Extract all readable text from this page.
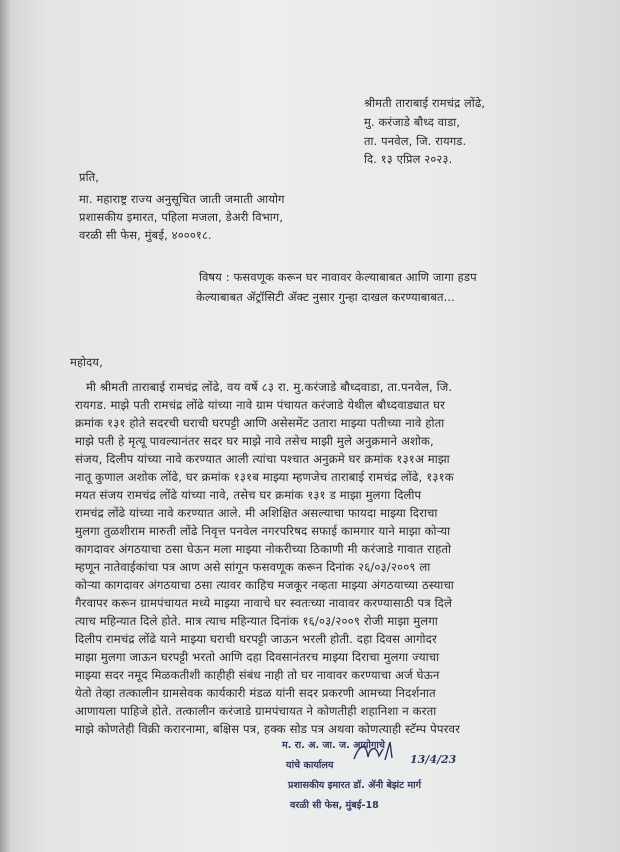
श्रीमती ताराबाई रामचंद्र लोंढे,
मु. करंजाडे बौध्द वाडा,
ता. पनवेल, जि. रायगड.
दि. १३ एप्रिल २०२३.
प्रति,
मा. महाराष्ट्र राज्य अनुसूचित जाती जमाती आयोग
प्रशासकीय इमारत, पहिला मजला, डेअरी विभाग,
वरळी सी फेस, मुंबई, ४०००१८.
विषय : फसवणूक करून घर नावावर केल्याबाबत आणि जागा हडप
केल्याबाबत ॲट्रॉसिटी ॲक्ट नुसार गुन्हा दाखल करण्याबाबत...
महोदय,
मी श्रीमती ताराबाई रामचंद्र लोंढे, वय वर्षे ८३ रा. मु.करंजाडे बौध्दवाडा, ता.पनवेल, जि.
रायगड. माझे पती रामचंद्र लोंढे यांच्या नावे ग्राम पंचायत करंजाडे येथील बौध्दवाड्यात घर
क्रमांक १३१ होते सदरची घराची घरपट्टी आणि असेसमेंट उतारा माझ्या पतीच्या नावे होता
माझे पती हे मृत्यू पावल्यानंतर सदर घर माझे नावे तसेच माझी मुले अनुक्रमाने अशोक,
संजय, दिलीप यांच्या नावे करण्यात आली त्यांचा पश्चात अनुक्रमे घर क्रमांक १३१अ माझा
नातू कुणाल अशोक लोंढे, घर क्रमांक १३१ब माझ्या म्हणजेच ताराबाई रामचंद्र लोंढे, १३१क
मयत संजय रामचंद्र लोंढे यांच्या नावे, तसेच घर क्रमांक १३१ ड माझा मुलगा दिलीप
रामचंद्र लोंढे यांच्या नावे करण्यात आले. मी अशिक्षित असल्याचा फायदा माझ्या दिराचा
मुलगा तुळशीराम मारुती लोंढे निवृत्त पनवेल नगरपरिषद सफाई कामगार याने माझा कोऱ्या
कागदावर अंगठयाचा ठसा घेऊन मला माझ्या नोकरीच्या ठिकाणी मी करंजाडे गावात राहतो
म्हणून नातेवाईकांचा पत्र आण असे सांगून फसवणूक करून दिनांक २६/०३/२००९ ला
कोऱ्या कागदावर अंगठयाचा ठसा त्यावर काहिच मजकूर नव्हता माझ्या अंगठयाच्या ठस्याचा
गैरवापर करून ग्रामपंचायत मध्ये माझ्या नावाचे घर स्वतःच्या नावावर करण्यासाठी पत्र दिले
त्याच महिन्यात दिले होते. मात्र त्याच महिन्यात दिनांक १६/०३/२००९ रोजी माझा मुलगा
दिलीप रामचंद्र लोंढे याने माझ्या घराची घरपट्टी जाऊन भरली होती. दहा दिवस आगोदर
माझा मुलगा जाऊन घरपट्टी भरतो आणि दहा दिवसानंतरच माझ्या दिराचा मुलगा ज्याचा
माझ्या सदर नमूद मिळकतीशी काहीही संबंध नाही तो घर नावावर करण्याचा अर्ज घेऊन
येतो तेव्हा तत्कालीन ग्रामसेवक कार्यकारी मंडळ यांनी सदर प्रकरणी आमच्या निदर्शनात
आणायला पाहिजे होते. तत्कालीन करंजाडे ग्रामपंचायत ने कोणतीही शहानिशा न करता
माझे कोणतेही विक्री करारनामा, बक्षिस पत्र, हक्क सोड पत्र अथवा कोणत्याही स्टॅम्प पेपरवर
म. रा. अ. जा. ज. आयोगाचे
यांचे कार्यालय	13/4/23
प्रशासकीय इमारत डॉ. ॲनी बेझंट मार्ग
वरळी सी फेस, मुंबई-18
